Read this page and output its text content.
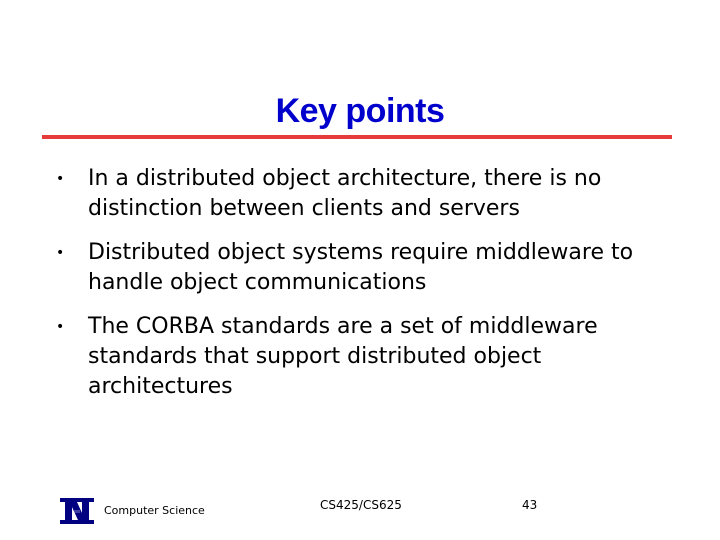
Key points
•	In a distributed object architecture, there is no distinction between clients and servers
•	Distributed object systems require middleware to handle object communications
•	The CORBA standards are a set of middleware standards that support distributed object architectures
Computer Science	CS425/CS625	43
